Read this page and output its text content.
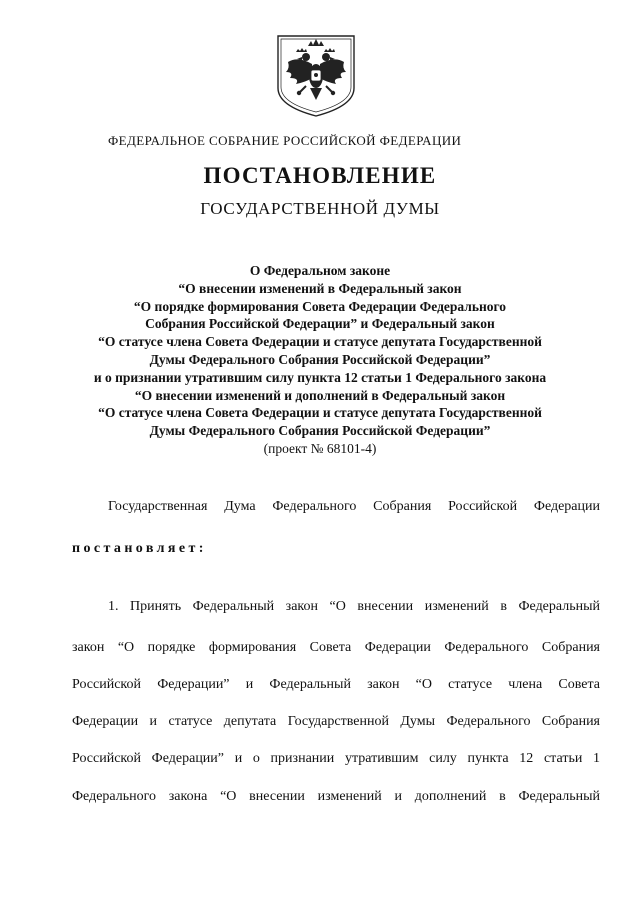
ФЕДЕРАЛЬНОЕ СОБРАНИЕ РОССИЙСКОЙ ФЕДЕРАЦИИ
ПОСТАНОВЛЕНИЕ
ГОСУДАРСТВЕННОЙ ДУМЫ
О Федеральном законе
“О внесении изменений в Федеральный закон
“О порядке формирования Совета Федерации Федерального
Собрания Российской Федерации” и Федеральный закон
“О статусе члена Совета Федерации и статусе депутата Государственной
Думы Федерального Собрания Российской Федерации”
и о признании утратившим силу пункта 12 статьи 1 Федерального закона
“О внесении изменений и дополнений в Федеральный закон
“О статусе члена Совета Федерации и статусе депутата Государственной
Думы Федерального Собрания Российской Федерации”
(проект № 68101-4)

Государственная Дума Федерального Собрания Российской Федерации

постановляет:

1. Принять Федеральный закон “О внесении изменений в Федеральный

закон “О порядке формирования Совета Федерации Федерального Собрания

Российской Федерации” и Федеральный закон “О статусе члена Совета

Федерации и статусе депутата Государственной Думы Федерального Собрания

Российской Федерации” и о признании утратившим силу пункта 12 статьи 1

Федерального закона “О внесении изменений и дополнений в Федеральный
